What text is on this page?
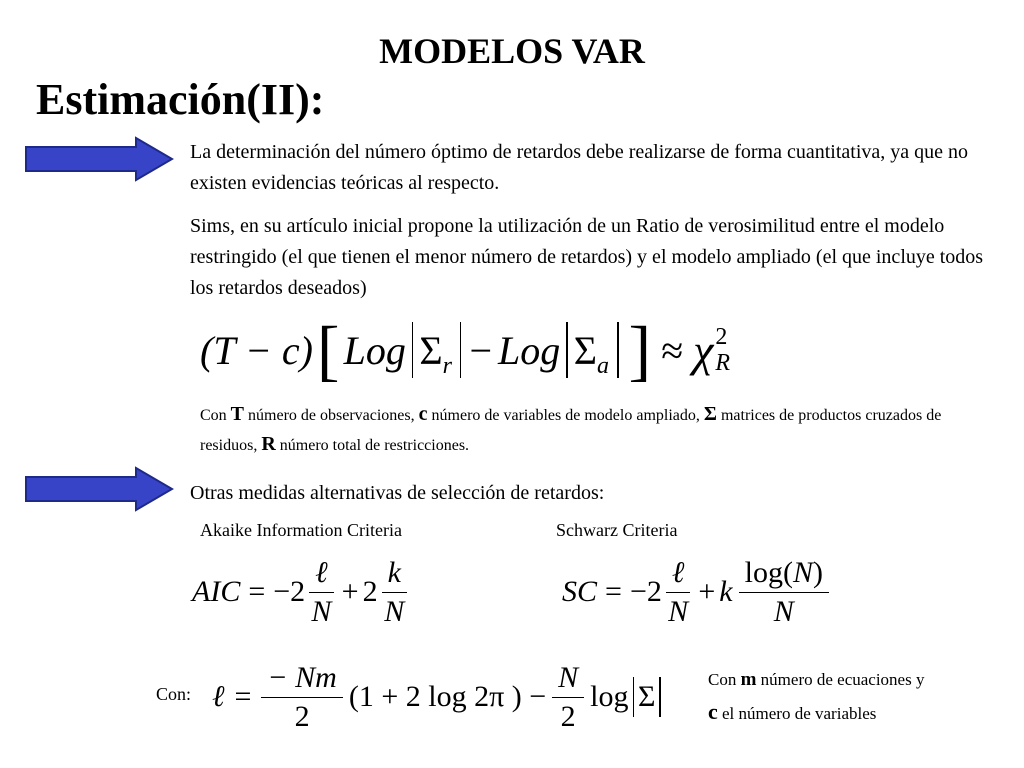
MODELOS VAR
Estimación(II):
La determinación del número óptimo de retardos debe realizarse de forma cuantitativa, ya que no existen evidencias teóricas al respecto.
Sims, en su artículo inicial propone la utilización de un Ratio de verosimilitud entre el modelo restringido (el que tienen el menor número de retardos) y el modelo ampliado (el que incluye todos los retardos deseados)
(T − c) [ Log Σ r − Log Σ a ] ≈ χ 2
R
Con T número de observaciones, c número de variables de modelo ampliado, Σ matrices de productos cruzados de residuos, R número total de restricciones.
Otras medidas alternativas de selección de retardos:
Akaike Information Criteria	Schwarz Criteria
AIC = $-2 \frac{\text{ℓ}}{N} + 2 \frac{k}{N}$	SC = $-2 \frac{\text{ℓ}}{N} + k \frac{\log(N)}{N}$
Con: ℓ = $\frac{- Nm}{2} (1 + 2$ log 2π ) − $\frac{N}{2}$ log Σ
Con m número de ecuaciones y
c el número de variables
